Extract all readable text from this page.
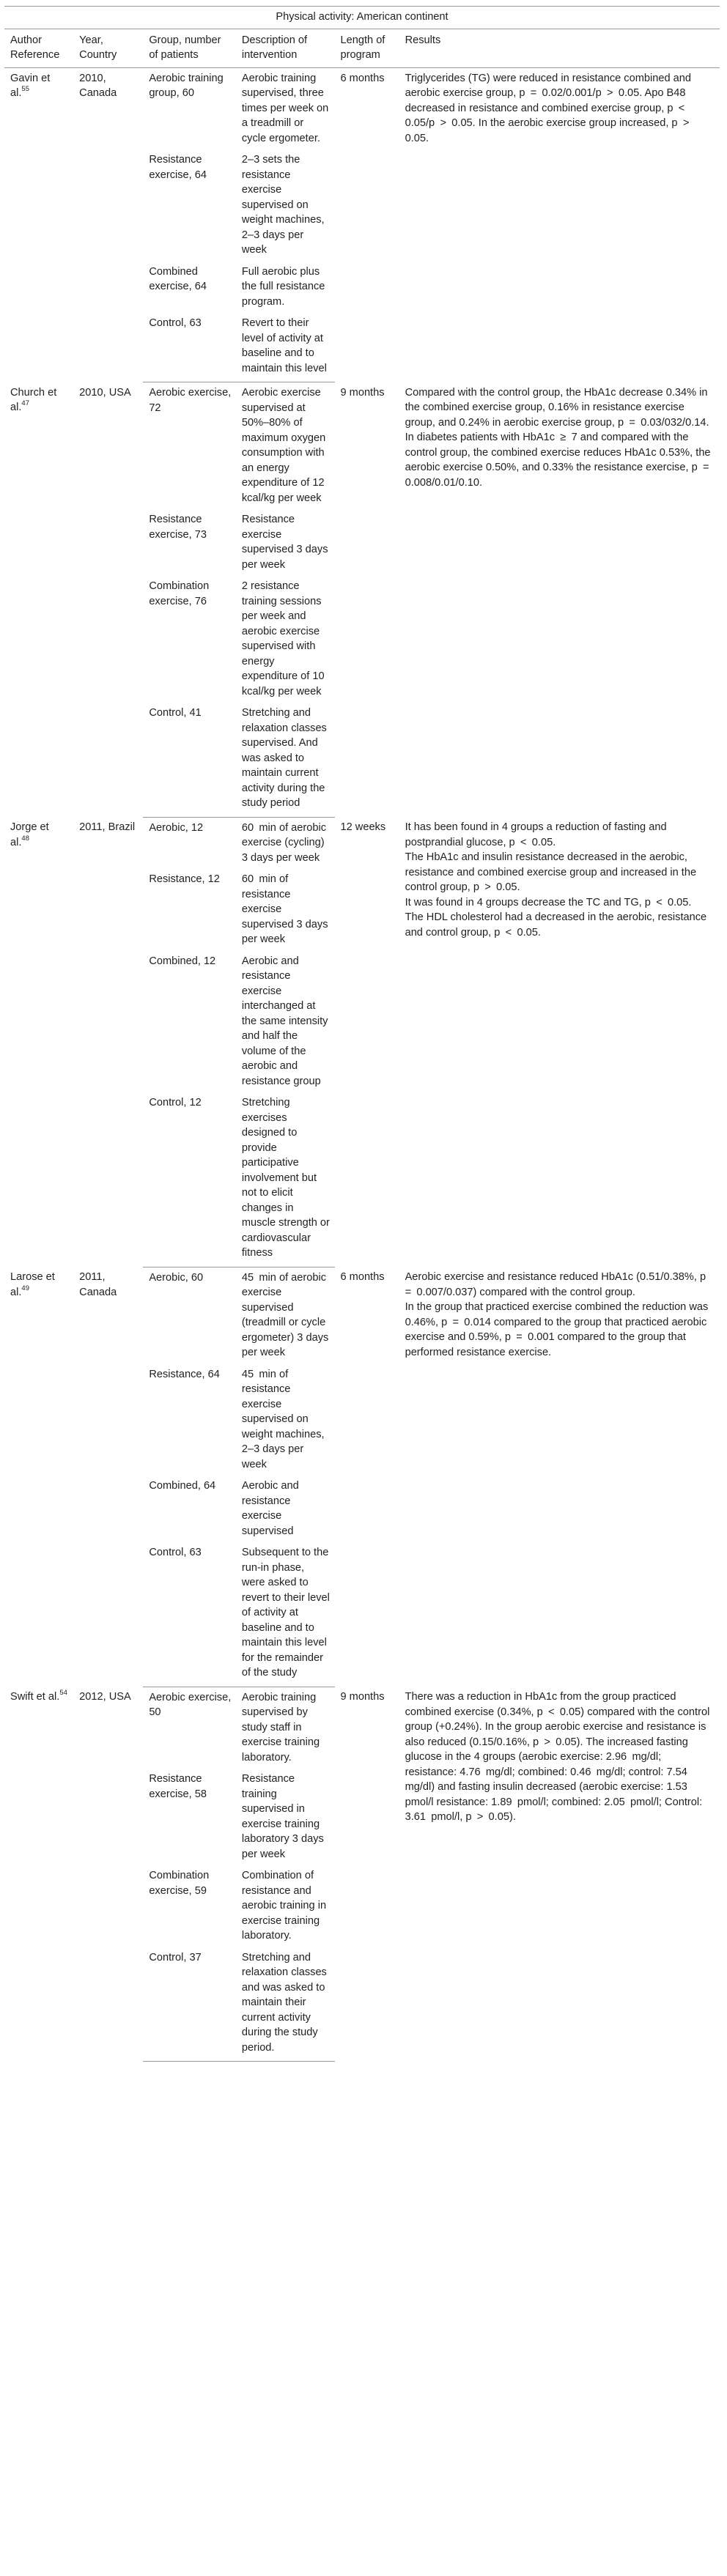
Physical activity: American continent					
Author Reference	Year, Country	Group, number of patients	Description of intervention	Length of program	Results
Gavin et al.$^{55}$	2010, Canada	Aerobic training group, 60	Aerobic training supervised, three times per week on a treadmill or cycle ergometer.	6 months	Triglycerides (TG) were reduced in resistance combined and aerobic exercise group, p = 0.02/0.001/p > 0.05. Apo B48 decreased in resistance and combined exercise group, p < 0.05/p > 0.05. In the aerobic exercise group increased, p > 0.05.
		Resistance exercise, 64	2–3 sets the resistance exercise supervised on weight machines, 2–3 days per week		
		Combined exercise, 64	Full aerobic plus the full resistance program.		
		Control, 63	Revert to their level of activity at baseline and to maintain this level		
Church et al.$^{47}$	2010, USA	Aerobic exercise, 72	Aerobic exercise supervised at 50%–80% of maximum oxygen consumption with an energy expenditure of 12 kcal/kg per week	9 months	Compared with the control group, the HbA1c decrease 0.34% in the combined exercise group, 0.16% in resistance exercise group, and 0.24% in aerobic exercise group, p = 0.03/032/0.14.
In diabetes patients with HbA1c ≥ 7 and compared with the control group, the combined exercise reduces HbA1c 0.53%, the aerobic exercise 0.50%, and 0.33% the resistance exercise, p = 0.008/0.01/0.10.
		Resistance exercise, 73	Resistance exercise supervised 3 days per week		
		Combination exercise, 76	2 resistance training sessions per week and aerobic exercise supervised with energy expenditure of 10 kcal/kg per week		
		Control, 41	Stretching and relaxation classes supervised. And was asked to maintain current activity during the study period		
Jorge et al.$^{48}$	2011, Brazil	Aerobic, 12	60 min of aerobic exercise (cycling) 3 days per week	12 weeks	It has been found in 4 groups a reduction of fasting and postprandial glucose, p < 0.05.
The HbA1c and insulin resistance decreased in the aerobic, resistance and combined exercise group and increased in the control group, p > 0.05.
It was found in 4 groups decrease the TC and TG, p < 0.05.
The HDL cholesterol had a decreased in the aerobic, resistance and control group, p < 0.05.
		Resistance, 12	60 min of resistance exercise supervised 3 days per week		
		Combined, 12	Aerobic and resistance exercise interchanged at the same intensity and half the volume of the aerobic and resistance group		
		Control, 12	Stretching exercises designed to provide participative involvement but not to elicit changes in muscle strength or cardiovascular fitness		
Larose et al.$^{49}$	2011, Canada	Aerobic, 60	45 min of aerobic exercise supervised (treadmill or cycle ergometer) 3 days per week	6 months	Aerobic exercise and resistance reduced HbA1c (0.51/0.38%, p = 0.007/0.037) compared with the control group.
In the group that practiced exercise combined the reduction was 0.46%, p = 0.014 compared to the group that practiced aerobic exercise and 0.59%, p = 0.001 compared to the group that performed resistance exercise.
		Resistance, 64	45 min of resistance exercise supervised on weight machines, 2–3 days per week		
		Combined, 64	Aerobic and resistance exercise supervised		
		Control, 63	Subsequent to the run-in phase, were asked to revert to their level of activity at baseline and to maintain this level for the remainder of the study		
Swift et al.$^{54}$	2012, USA	Aerobic exercise, 50	Aerobic training supervised by study staff in exercise training laboratory.	9 months	There was a reduction in HbA1c from the group practiced combined exercise (0.34%, p < 0.05) compared with the control group (+0.24%). In the group aerobic exercise and resistance is also reduced (0.15/0.16%, p > 0.05). The increased fasting glucose in the 4 groups (aerobic exercise: 2.96 mg/dl; resistance: 4.76 mg/dl; combined: 0.46 mg/dl; control: 7.54 mg/dl) and fasting insulin decreased (aerobic exercise: 1.53 pmol/l resistance: 1.89 pmol/l; combined: 2.05 pmol/l; Control: 3.61 pmol/l, p > 0.05).
		Resistance exercise, 58	Resistance training supervised in exercise training laboratory 3 days per week		
		Combination exercise, 59	Combination of resistance and aerobic training in exercise training laboratory.		
		Control, 37	Stretching and relaxation classes and was asked to maintain their current activity during the study period.		
